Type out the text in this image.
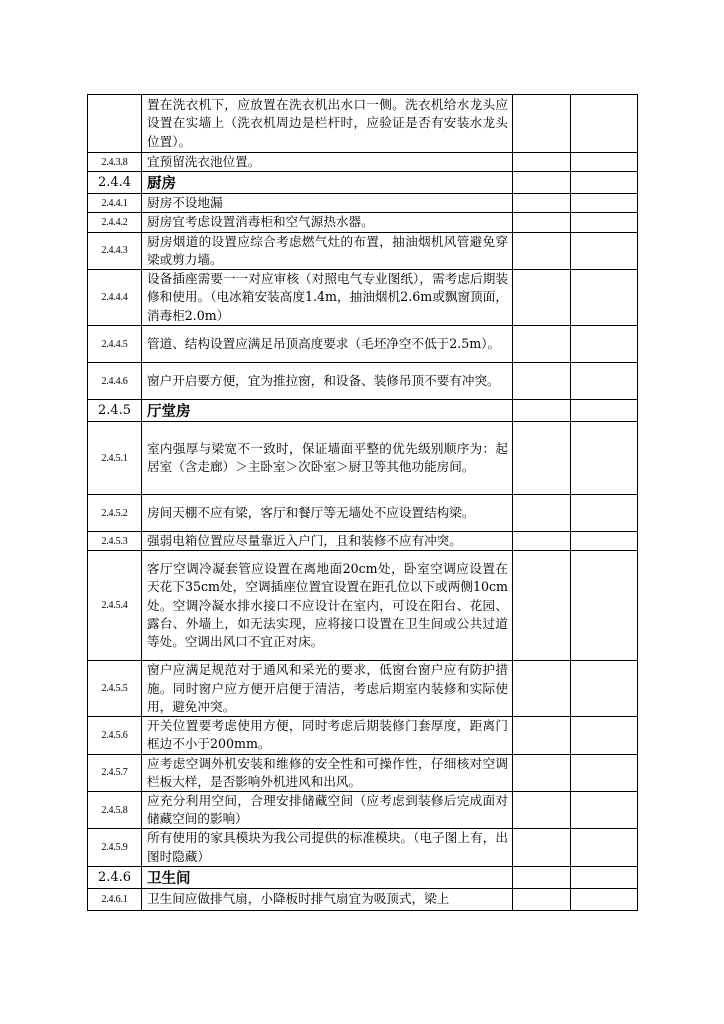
	置在洗衣机下，应放置在洗衣机出水口一侧。洗衣机给水龙头应设置在实墙上（洗衣机周边是栏杆时，应验证是否有安装水龙头位置）。		
2.4.3.8	宜预留洗衣池位置。		
2.4.4	厨房		
2.4.4.1	厨房不设地漏		
2.4.4.2	厨房宜考虑设置消毒柜和空气源热水器。		
2.4.4.3	厨房烟道的设置应综合考虑燃气灶的布置，抽油烟机风管避免穿梁或剪力墙。		
2.4.4.4	设备插座需要一一对应审核（对照电气专业图纸），需考虑后期装修和使用。（电冰箱安装高度1.4m，抽油烟机2.6m或飘窗顶面，消毒柜2.0m）		
2.4.4.5	管道、结构设置应满足吊顶高度要求（毛坯净空不低于2.5m）。		
2.4.4.6	窗户开启要方便，宜为推拉窗，和设备、装修吊顶不要有冲突。		
2.4.5	厅堂房		
2.4.5.1	室内强厚与梁宽不一致时，保证墙面平整的优先级别顺序为：起居室（含走廊）＞主卧室＞次卧室＞厨卫等其他功能房间。		
2.4.5.2	房间天棚不应有梁，客厅和餐厅等无墙处不应设置结构梁。		
2.4.5.3	强弱电箱位置应尽量靠近入户门，且和装修不应有冲突。		
2.4.5.4	客厅空调冷凝套管应设置在离地面20cm处，卧室空调应设置在天花下35cm处，空调插座位置宜设置在距孔位以下或两侧10cm处。空调冷凝水排水接口不应设计在室内，可设在阳台、花园、露台、外墙上，如无法实现，应将接口设置在卫生间或公共过道等处。空调出风口不宜正对床。		
2.4.5.5	窗户应满足规范对于通风和采光的要求，低窗台窗户应有防护措施。同时窗户应方便开启便于清洁，考虑后期室内装修和实际使用，避免冲突。		
2.4.5.6	开关位置要考虑使用方便，同时考虑后期装修门套厚度，距离门框边不小于200mm。		
2.4.5.7	应考虑空调外机安装和维修的安全性和可操作性，仔细核对空调栏板大样，是否影响外机进风和出风。		
2.4.5.8	应充分利用空间，合理安排储藏空间（应考虑到装修后完成面对储藏空间的影响）		
2.4.5.9	所有使用的家具模块为我公司提供的标准模块。（电子图上有，出图时隐藏）		
2.4.6	卫生间		
2.4.6.1	卫生间应做排气扇，小降板时排气扇宜为吸顶式，梁上		
